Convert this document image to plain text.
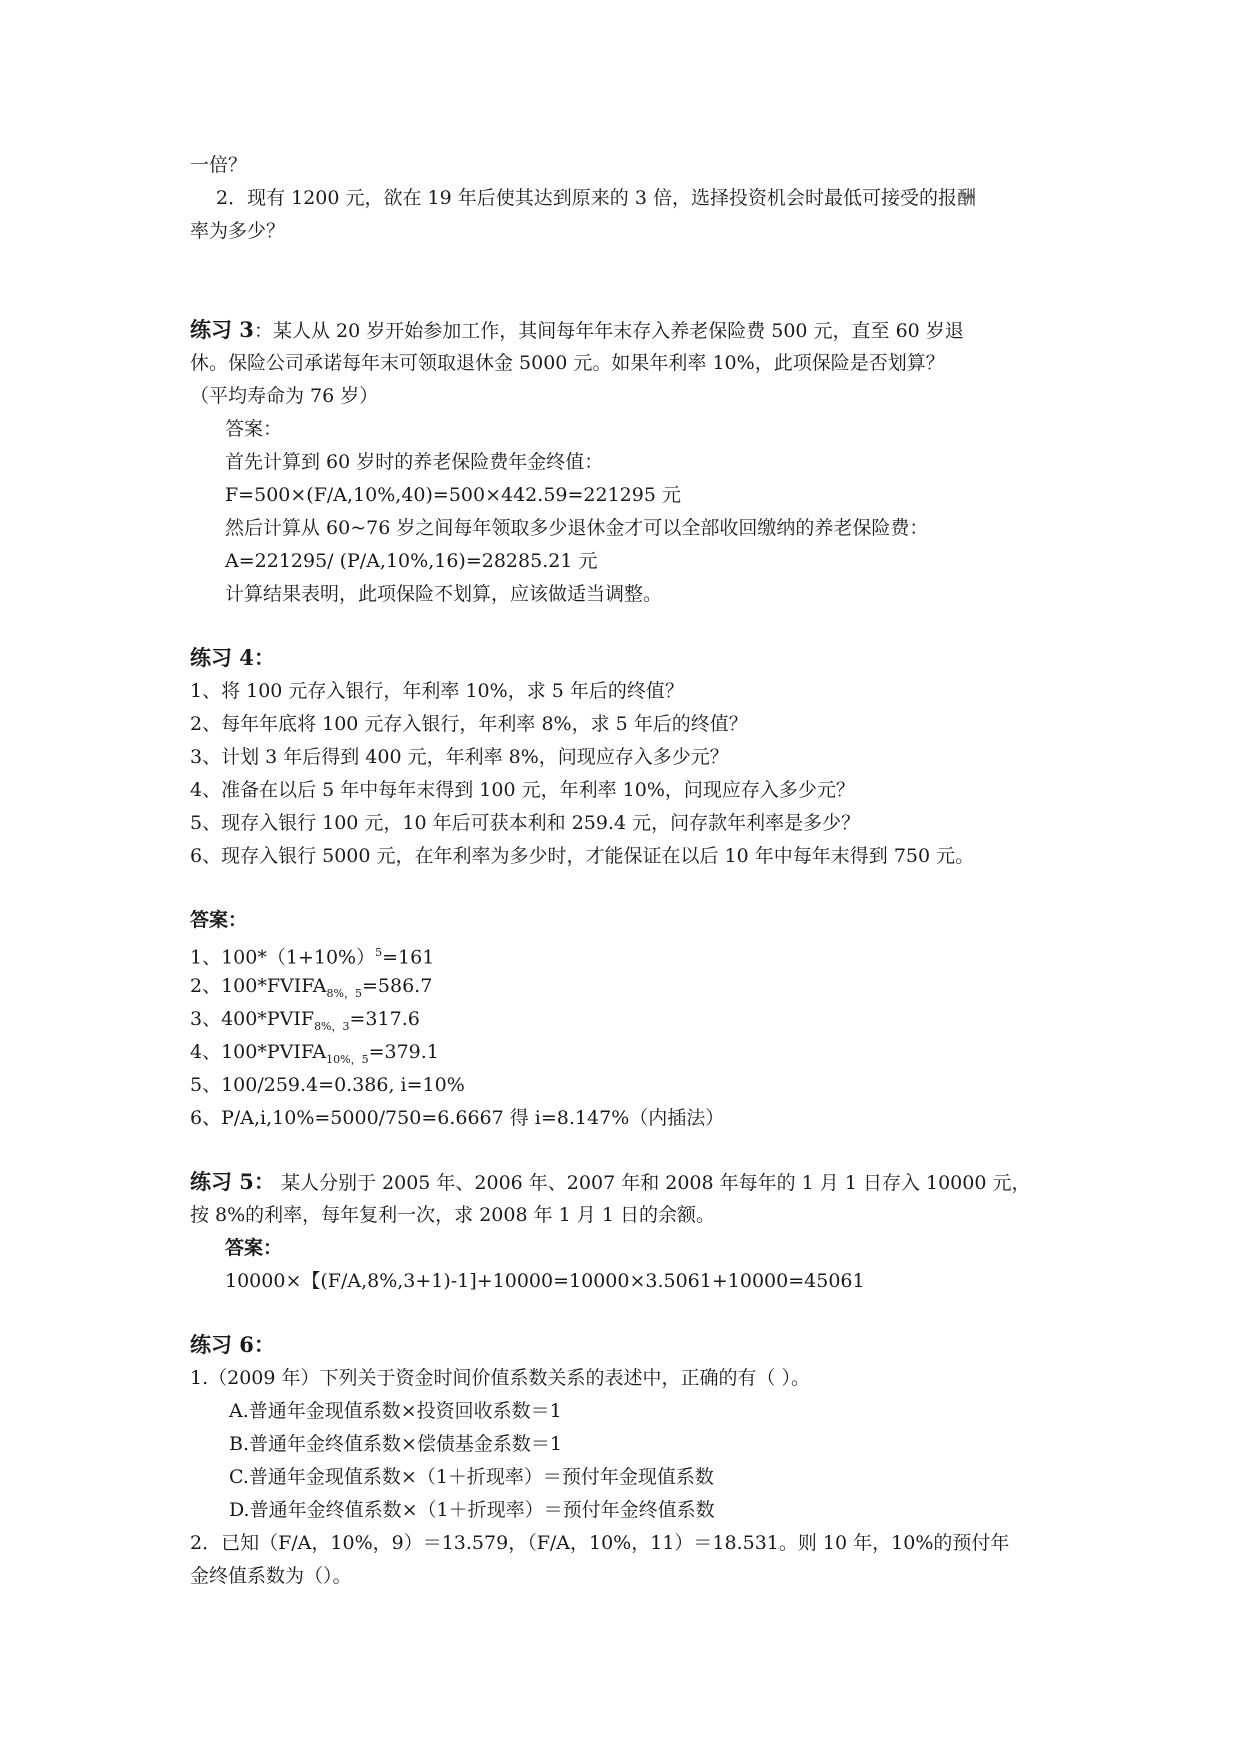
一倍？
2．现有 1200 元，欲在 19 年后使其达到原来的 3 倍，选择投资机会时最低可接受的报酬
率为多少？
练习 3：某人从 20 岁开始参加工作，其间每年年末存入养老保险费 500 元，直至 60 岁退
休。保险公司承诺每年末可领取退休金 5000 元。如果年利率 10%，此项保险是否划算？
（平均寿命为 76 岁）
答案：
首先计算到 60 岁时的养老保险费年金终值：
F=500×(F/A,10%,40)=500×442.59=221295 元
然后计算从 60~76 岁之间每年领取多少退休金才可以全部收回缴纳的养老保险费：
A=221295/ (P/A,10%,16)=28285.21 元
计算结果表明，此项保险不划算，应该做适当调整。
练习 4：
1、将 100 元存入银行，年利率 10%，求 5 年后的终值？
2、每年年底将 100 元存入银行，年利率 8%，求 5 年后的终值？
3、计划 3 年后得到 400 元，年利率 8%，问现应存入多少元？
4、准备在以后 5 年中每年末得到 100 元，年利率 10%，问现应存入多少元？
5、现存入银行 100 元，10 年后可获本利和 259.4 元，问存款年利率是多少？
6、现存入银行 5000 元，在年利率为多少时，才能保证在以后 10 年中每年末得到 750 元。
答案：
1、$100*(1+10\%)^5=161$
2、$100*FVIFA_{8\%,5}=586.7$
3、$400*PVIF_{8\%,3}=317.6$
4、$100*PVIFA_{10\%,5}=379.1$
5、100/259.4=0.386, i=10%
6、P/A,i,10%=5000/750=6.6667 得 i=8.147%（内插法）
练习 5： 某人分别于 2005 年、2006 年、2007 年和 2008 年每年的 1 月 1 日存入 10000 元，
按 8%的利率，每年复利一次，求 2008 年 1 月 1 日的余额。
答案：
10000×【(F/A,8%,3+1)-1]+10000=10000×3.5061+10000=45061
练习 6：
1.（2009 年）下列关于资金时间价值系数关系的表述中，正确的有（ ）。
A.普通年金现值系数×投资回收系数＝1
B.普通年金终值系数×偿债基金系数＝1
C.普通年金现值系数×（1＋折现率）＝预付年金现值系数
D.普通年金终值系数×（1＋折现率）＝预付年金终值系数
2．已知（F/A，10%，9）＝13.579，（F/A，10%，11）＝18.531。则 10 年，10%的预付年
金终值系数为（）。
